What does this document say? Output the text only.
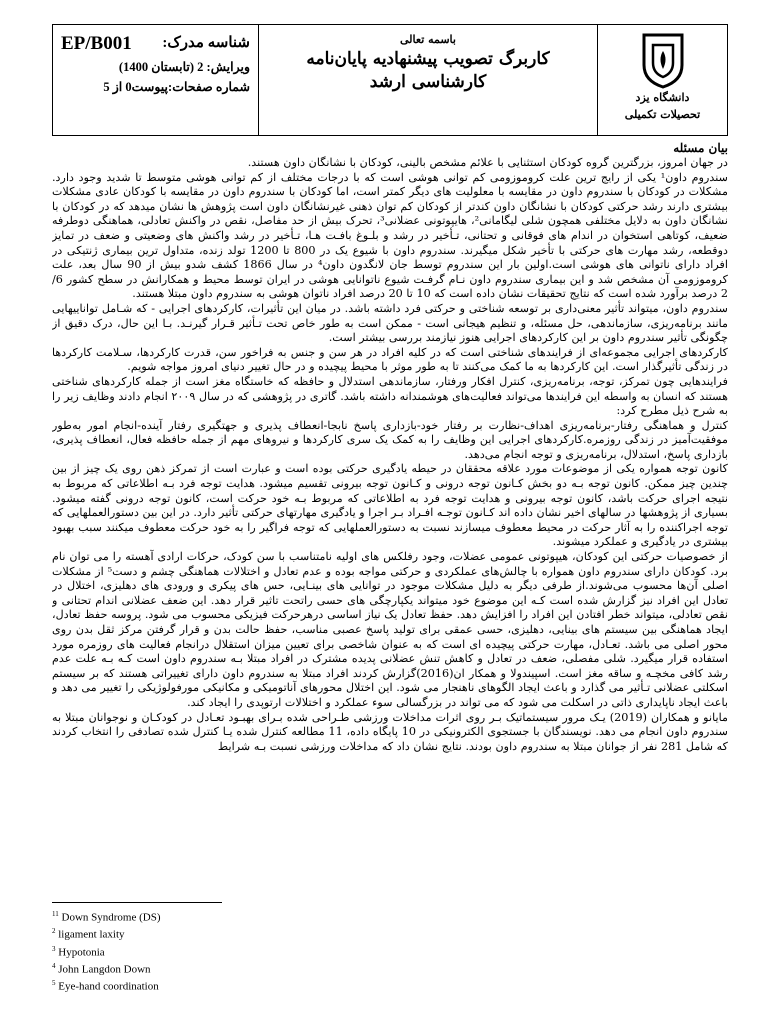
شناسه مدرک:
EP/B001
ویرایش: 2 (تابستان 1400)
شماره صفحات:پیوست0 از 5
باسمه تعالی
کاربرگ تصویب پیشنهادیه پایان‌نامه
کارشناسی ارشد
دانشگاه یزد
تحصیلات تکمیلی
بیان مسئله

در جهان امروز، بزرگترین گروه کودکان استثنایی با علائم مشخص بالینی، کودکان با نشانگان داون هستند.

سندروم داون¹ یکی از رایج ترین علت کروموزومی کم توانی هوشی است که با درجات مختلف از کم توانی هوشی متوسط تا شدید وجود دارد. مشکلات در کودکان با سندروم داون در مقایسه با معلولیت های دیگر کمتر است، اما کودکان با سندروم داون در مقایسه با کودکان عادی مشکلات بیشتری دارند رشد حرکتی کودکان با نشانگان داون کندتر از کودکان کم توان ذهنی غیرنشانگان داون است پژوهش ها نشان میدهد که در کودکان با نشانگان داون به دلایل مختلفی همچون شلی لیگامانی²، هایپوتونی عضلانی³، تحرک بیش از حد مفاصل، نقص در واکنش تعادلی، هماهنگی دوطرفه ضعیف، کوتاهی استخوان در اندام های فوقانی و تحتانی، تـأخیر در رشد و بلـوغ بافـت هـا، تـأخیر در رشد واکنش های وضعیتی و ضعف در تمایز دوقطعه، رشد مهارت های حرکتی با تأخیر شکل میگیرند. سندروم داون با شیوع یک در 800 تا 1200 تولد زنده، متداول ترین بیماری ژنتیکی در افراد دارای ناتوانی های هوشی است.اولین بار این سندروم توسط جان لانگدون داون⁴ در سال 1866 کشف شدو بیش از 90 سال بعد، علت کروموزومی آن مشخص شد و این بیماری سندروم داون نـام گرفـت شیوع ناتوانایی هوشی در ایران توسط محیط و همکارانش در سطح کشور 6/ 2 درصد برآورد شده است که نتایج تحقیقات نشان داده است که 10 تا 20 درصد افراد ناتوان هوشی به سندروم داون مبتلا هستند.

سندروم داون، میتواند تأثیر معنی‌داری بر توسعه شناختی و حرکتی فرد داشته باشد. در میان این تأثیرات، کارکردهای اجرایی - که شـامل تواناییهایی مانند برنامه‌ریزی، سازماندهی، حل مسئله، و تنظیم هیجانی است - ممکن است به طور خاص تحت تـأثیر قـرار گیرنـد. بـا این حال، درک دقیق از چگونگی تأثیر سندروم داون بر این کارکردهای اجرایی هنوز نیازمند بررسی بیشتر است.

کارکردهای اجرایی مجموعه‌ای از فرایندهای شناختی است که در کلیه افراد در هر سن و جنس به فراخور سن، قدرت کارکردها، سـلامت کارکردها در زندگی تأثیرگذار است. این کارکردها به ما کمک می‌کنند تا به طور موثر با محیط پیچیده و در حال تغییر دنیای امروز مواجه شویم.

فرایندهایی چون تمرکز، توجه، برنامه‌ریزی، کنترل افکار ورفتار، سازماندهی استدلال و حافظه که خاستگاه مغز است از جمله کارکردهای شناختی هستند که انسان به واسطه این فرایندها می‌تواند فعالیت‌های هوشمندانه داشته باشد. گاتری در پژوهشی که در سال ۲۰۰۹ انجام دادند وظایف زیر را به شرح ذیل مطرح کرد:

کنترل و هماهنگی رفتار-برنامه‌ریزی اهداف-نظارت بر رفتار خود-بازداری پاسخ نابجا-انعطاف پذیری و جهتگیری رفتار آینده-انجام امور به‌طور موفقیت‌آمیز در زندگی روزمره.کارکردهای اجرایی این وظایف را به کمک یک سری کارکردها و نیروهای مهم از جمله حافظه فعال، انعطاف پذیری، بازداری پاسخ، استدلال، برنامه‌ریزی و توجه انجام می‌دهد.

کانون توجه همواره یکی از موضوعات مورد علاقه محققان در حیطه یادگیری حرکتی بوده است و عبارت است از تمرکز ذهن روی یک چیز از بین چندین چیز ممکن. کانون توجه بـه دو بخش کـانون توجه درونی و کـانون توجه بیرونی تقسیم میشود. هدایت توجه فرد بـه اطلاعاتی که مربوط به نتیجه اجرای حرکت باشد، کانون توجه بیرونی و هدایت توجه فرد به اطلاعاتی که مربوط بـه خود حرکت است، کانون توجه درونی گفته میشود. بسیاری از پژوهشها در سالهای اخیر نشان داده اند کـانون توجـه افـراد بـر اجرا و یادگیری مهارتهای حرکتی تأثیر دارد. در این بین دستورالعملهایی که توجه اجراکننده را به آثار حرکت در محیط معطوف میسازند نسبت به دستورالعملهایی که توجه فراگیر را به خود حرکت معطوف میکنند سبب بهبود بیشتری در یادگیری و عملکرد میشوند.

از خصوصیات حرکتی این کودکان، هیپوتونی عمومی عضلات، وجود رفلکس های اولیه نامتناسب با سن کودک، حرکات ارادی آهسته را می توان نام برد. کودکان دارای سندروم داون همواره با چالش‌های عملکردی و حرکتی مواجه بوده و عدم تعادل و اختلالات هماهنگی چشم و دست⁵ از مشکلات اصلی آن‌ها محسوب می‌شوند.از طرفی دیگر به دلیل مشکلات موجود در توانایی های بینـایی، حس های پیکری و ورودی های دهلیزی، اختلال در تعادل این افراد نیز گزارش شده است کـه این موضوع خود میتواند یکپارچگی های حسی راتحت تاثیر قرار دهد. این ضعف عضلانی اندام تحتانی و نقص تعادلی، میتواند خطر افتادن این افراد را افزایش دهد. حفظ تعادل یک نیاز اساسی درهرحرکت فیزیکی محسوب می شود. پروسه حفظ تعادل، ایجاد هماهنگی بین سیستم های بینایی، دهلیزی، حسی عمقی برای تولید پاسخ عصبی مناسب، حفظ حالت بدن و قرار گرفتن مرکز ثقل بدن روی محور اصلی می باشد. تعـادل، مهارت حرکتی پیچیده ای است که به عنوان شاخصی برای تعیین میزان استقلال درانجام فعالیت های روزمره مورد استفاده قرار میگیرد. شلی مفصلی، ضعف در تعادل و کاهش تنش عضلانی پدیده مشترک در افراد مبتلا بـه سندروم داون است کـه بـه علت عدم رشد کافی مخچـه و ساقه مغز است. اسپیندولا و همکار ان(2016)گزارش کردند افراد مبتلا به سندروم داون دارای تغییراتی هستند که بر سیستم اسکلتی عضلانی تـأثیر می گذارد و باعث ایجاد الگوهای ناهنجار می شود. این اختلال محورهای آناتومیکی و مکانیکی مورفولوژیکی را تغییر می دهد و باعث ایجاد ناپایداری ذاتی در اسکلت می شود که می تواند در بزرگسالی سوء عملکرد و اختلالات ارتوپدی را ایجاد کند.

مایانو و همکاران (2019) یـک مرور سیستماتیک بـر روی اثرات مداخلات ورزشی طـراحی شده بـرای بهبـود تعـادل در کودکـان و نوجوانان مبتلا به سندروم داون انجام می دهد. نویسندگان با جستجوی الکترونیکی در 10 پایگاه داده، 11 مطالعه کنترل شده یـا کنترل شده تصادفی را انتخاب کردند که شامل 281 نفر از جوانان مبتلا به سندروم داون بودند. نتایج نشان داد که مداخلات ورزشی نسبت بـه شرایط

$^{11}$ Down Syndrome (DS)
$^2$ ligament laxity
$^3$ Hypotonia
$^4$ John Langdon Down
$^5$ Eye-hand coordination
